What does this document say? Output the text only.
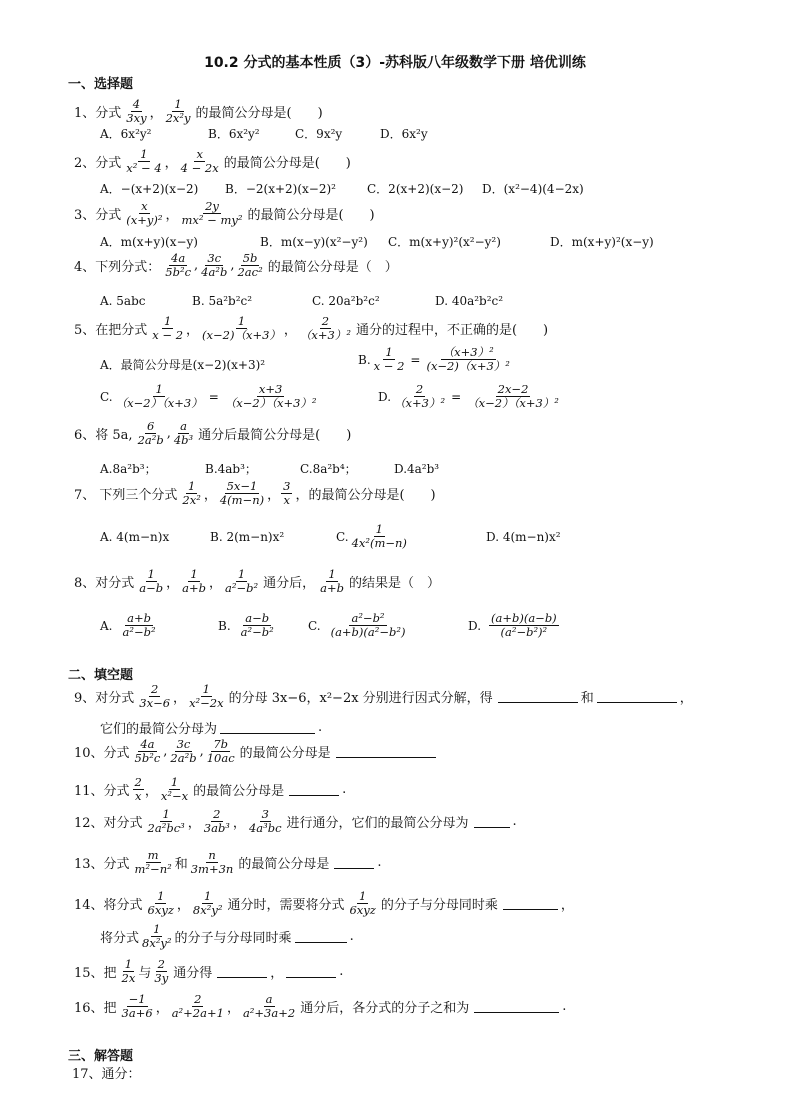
10.2 分式的基本性质（3）-苏科版八年级数学下册 培优训练
一、选择题
1、分式 $\frac{4}{3xy}$ ， $\frac{1}{\text{2x²y}}$ 的最简公分母是(　　)
A．6x²y²	B．6x²y²	C．9x²y	D．6x²y
2、分式 $\frac{1}{\text{x² − 4}}$ ， $\frac{x}{4 - 2x}$ 的最简公分母是(　　)
A．−(x+2)(x−2)	B．−2(x+2)(x−2)²	C．2(x+2)(x−2)	D．(x²−4)(4−2x)
3、分式 $\frac{x}{\text{(x+y)²}}$ ， $\frac{2y}{\text{mx² − my²}}$ 的最简公分母是(　　)
A．m(x+y)(x−y)	B．m(x−y)(x²−y²)	C．m(x+y)²(x²−y²)	D．m(x+y)²(x−y)
4、下列分式： $\frac{4a}{\text{5b²c}}$ , $\frac{3c}{\text{4a²b}}$ , $\frac{5b}{\text{2ac²}}$ 的最简公分母是（　）
A. 5abc	B. 5a²b²c²	C. 20a²b²c²	D. 40a²b²c²
5、在把分式 $\frac{1}{x - 2}$ ， $\frac{1}{(x-2)(x+3)}$ ， $\frac{2}{\text{（x+3）²}}$ 通分的过程中，不正确的是(　　)
A．最简公分母是(x−2)(x+3)²	B. $\frac{1}{x - 2} = \frac{\text{（x+3）²}}{\text{(x−2)（x+3）²}}$
C. $\frac{1}{(x-2)(x+3)} = \frac{x+3}{\text{（x−2）（x+3）²}}$	D. $\frac{2}{\text{（x+3）²}} = \frac{2x-2}{\text{（x−2）（x+3）²}}$
6、将 5a, $\frac{6}{\text{2a²b}}$ , $\frac{a}{\text{4b³}}$ 通分后最简公分母是(　　)
A.8a²b³；	B.4ab³；	C.8a²b⁴；	D.4a²b³
7、 下列三个分式 $\frac{1}{\text{2x²}}$ ， $\frac{5x-1}{4(m-n)}$ ， $\frac{3}{x}$ ，的最简公分母是(　　)
A. 4(m−n)x	B. 2(m−n)x²	C. $\frac{1}{\text{4x²(m−n)}}$	D. 4(m−n)x²
8、对分式 $\frac{1}{a-b}$ ， $\frac{1}{a+b}$ ， $\frac{1}{\text{a²−b²}}$ 通分后， $\frac{1}{a+b}$ 的结果是（　）
A. $\frac{a+b}{\text{a²−b²}}$	B. $\frac{a-b}{\text{a²−b²}}$	C. $\frac{\text{a²−b²}}{\text{(a+b)(a²−b²)}}$	D. $\frac{(a+b)(a-b)}{\text{(a²−b²)²}}$
二、填空题
9、对分式 $\frac{2}{3x-6}$ ， $\frac{1}{\text{x²−2x}}$ 的分母 3x−6，x²−2x 分别进行因式分解，得	和	，
它们的最简公分母为	.
10、分式 $\frac{4a}{\text{5b²c}}$ , $\frac{3c}{\text{2a²b}}$ , $\frac{7b}{10ac}$ 的最简公分母是
11、分式 $\frac{2}{x}$ ， $\frac{1}{\text{x²−x}}$ 的最简公分母是	.
12、对分式 $\frac{1}{\text{2a²bc³}}$ ， $\frac{2}{\text{3ab³}}$ ， $\frac{3}{\text{4a³bc}}$ 进行通分，它们的最简公分母为	.
13、分式 $\frac{m}{\text{m²−n²}}$ 和 $\frac{n}{3m+3n}$ 的最简公分母是	.
14、将分式 $\frac{1}{\text{6xyz}}$ ， $\frac{1}{\text{8x²y²}}$ 通分时，需要将分式 $\frac{1}{\text{6xyz}}$ 的分子与分母同时乘	，
将分式 $\frac{1}{\text{8x²y²}}$ 的分子与分母同时乘	.
15、把 $\frac{1}{2x}$ 与 $\frac{2}{3y}$ 通分得	，	.
16、把 $\frac{-1}{3a+6}$ ， $\frac{2}{\text{a²+2a+1}}$ ， $\frac{a}{\text{a²+3a+2}}$ 通分后，各分式的分子之和为	.
三、解答题
17、通分：
